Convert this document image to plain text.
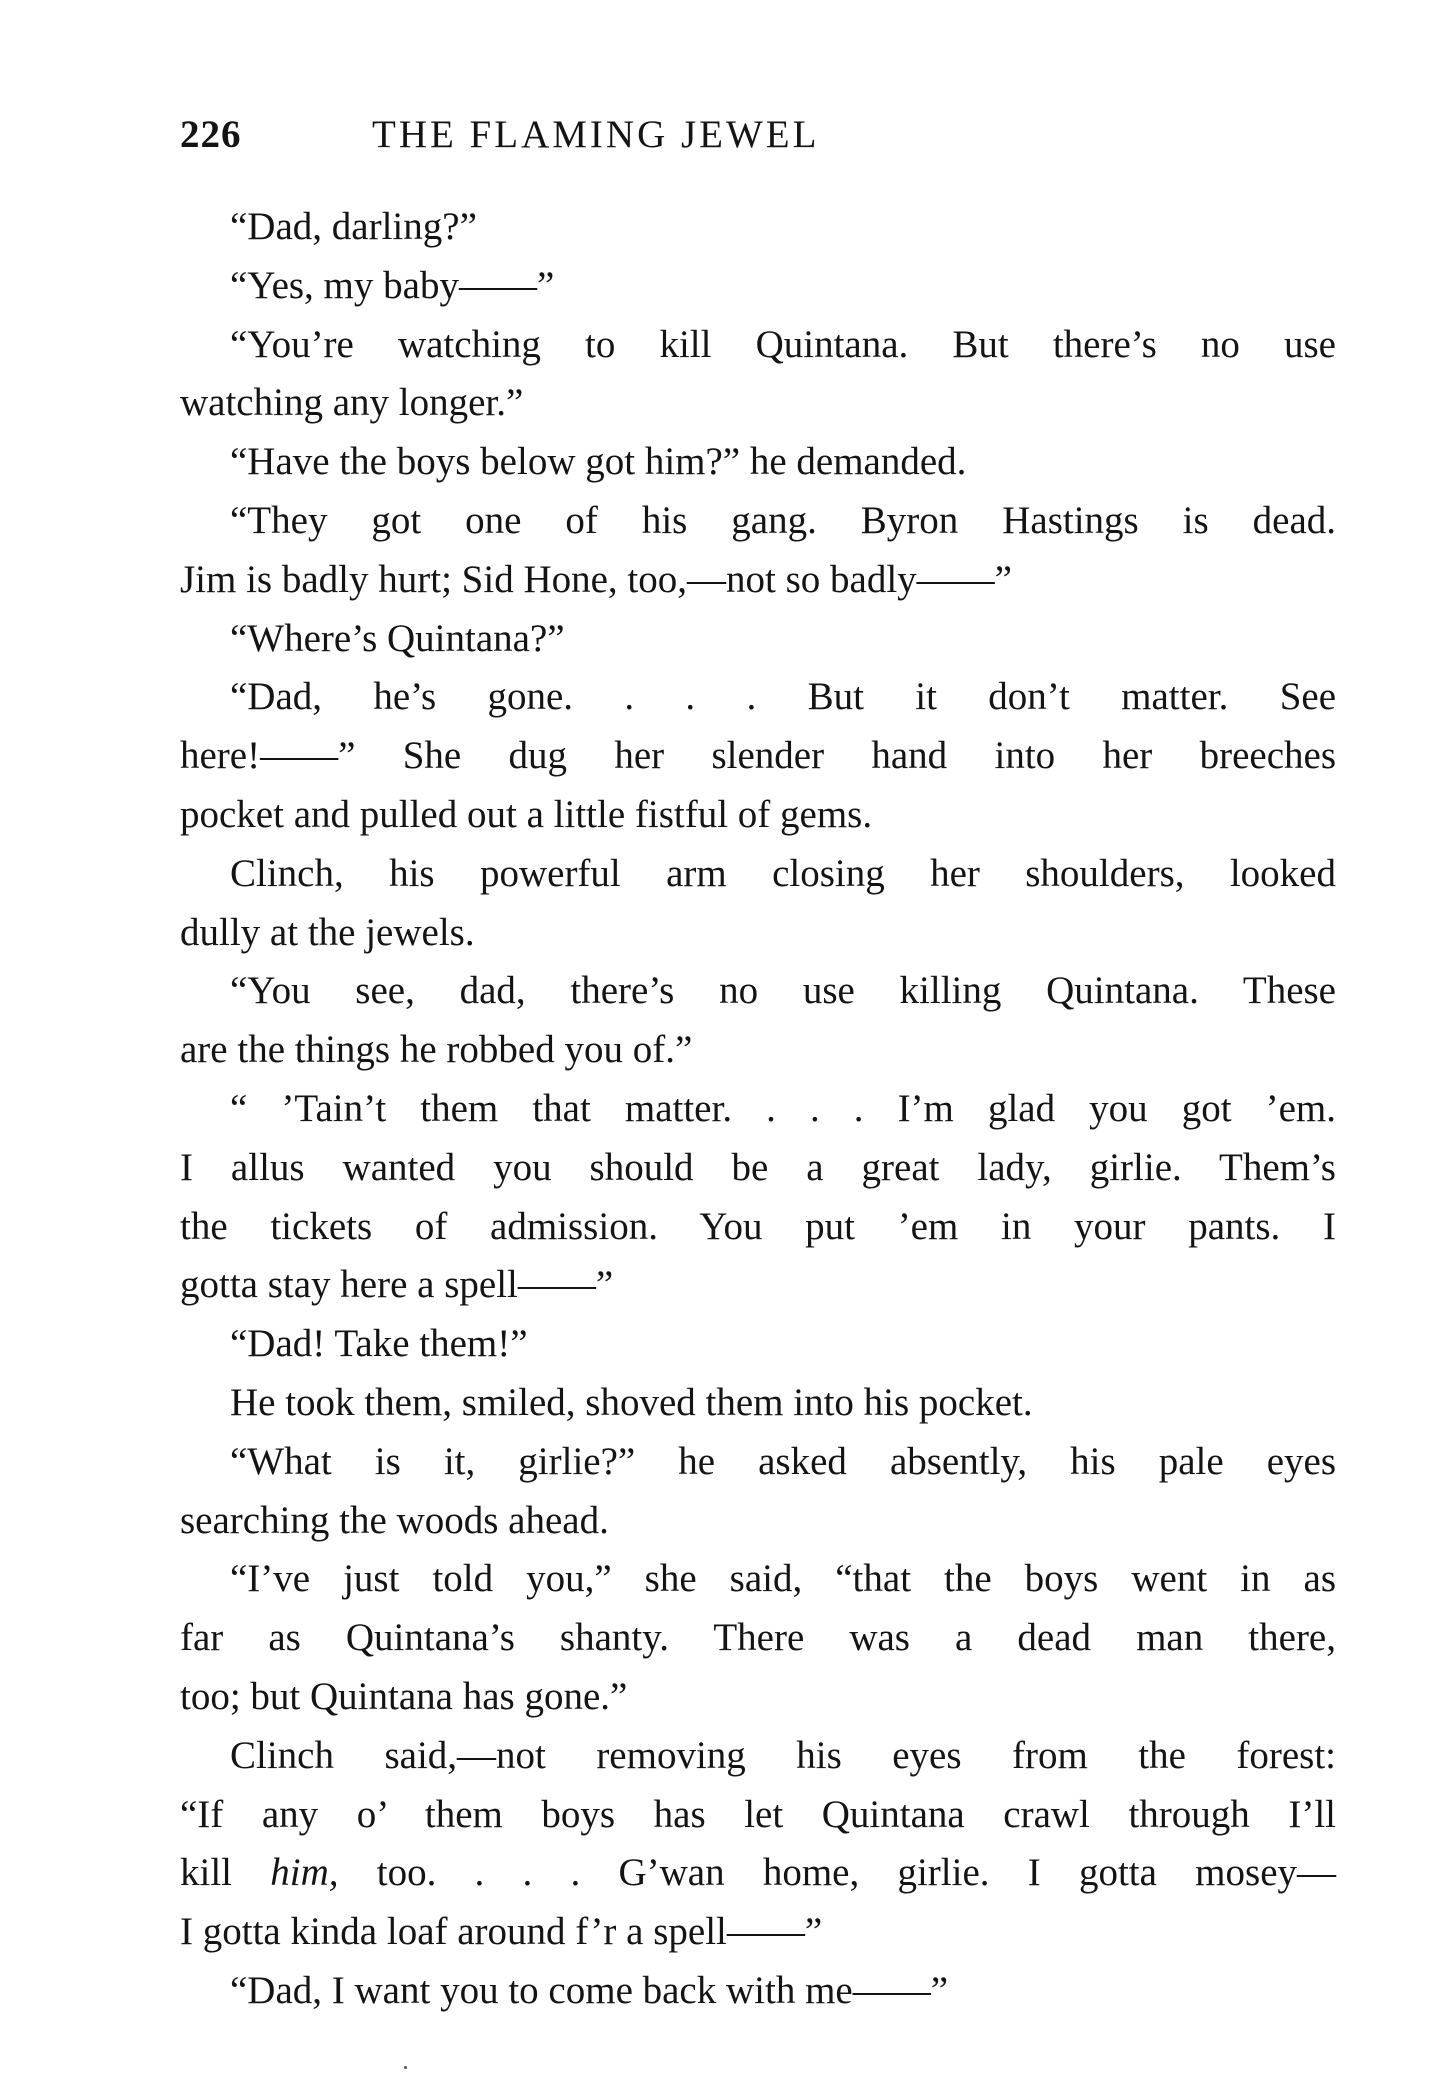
226	THE FLAMING JEWEL
“Dad, darling?”
“Yes, my baby——”
“You’re watching to kill Quintana. But there’s no use
watching any longer.”
“Have the boys below got him?” he demanded.
“They got one of his gang. Byron Hastings is dead.
Jim is badly hurt; Sid Hone, too,—not so badly——”
“Where’s Quintana?”
“Dad, he’s gone. . . . But it don’t matter. See
here!——” She dug her slender hand into her breeches
pocket and pulled out a little fistful of gems.
Clinch, his powerful arm closing her shoulders, looked
dully at the jewels.
“You see, dad, there’s no use killing Quintana. These
are the things he robbed you of.”
“ ’Tain’t them that matter. . . . I’m glad you got ’em.
I allus wanted you should be a great lady, girlie. Them’s
the tickets of admission. You put ’em in your pants. I
gotta stay here a spell——”
“Dad! Take them!”
He took them, smiled, shoved them into his pocket.
“What is it, girlie?” he asked absently, his pale eyes
searching the woods ahead.
“I’ve just told you,” she said, “that the boys went in as
far as Quintana’s shanty. There was a dead man there,
too; but Quintana has gone.”
Clinch said,—not removing his eyes from the forest:
“If any o’ them boys has let Quintana crawl through I’ll
kill him, too. . . . G’wan home, girlie. I gotta mosey—
I gotta kinda loaf around f’r a spell——”
“Dad, I want you to come back with me——”
